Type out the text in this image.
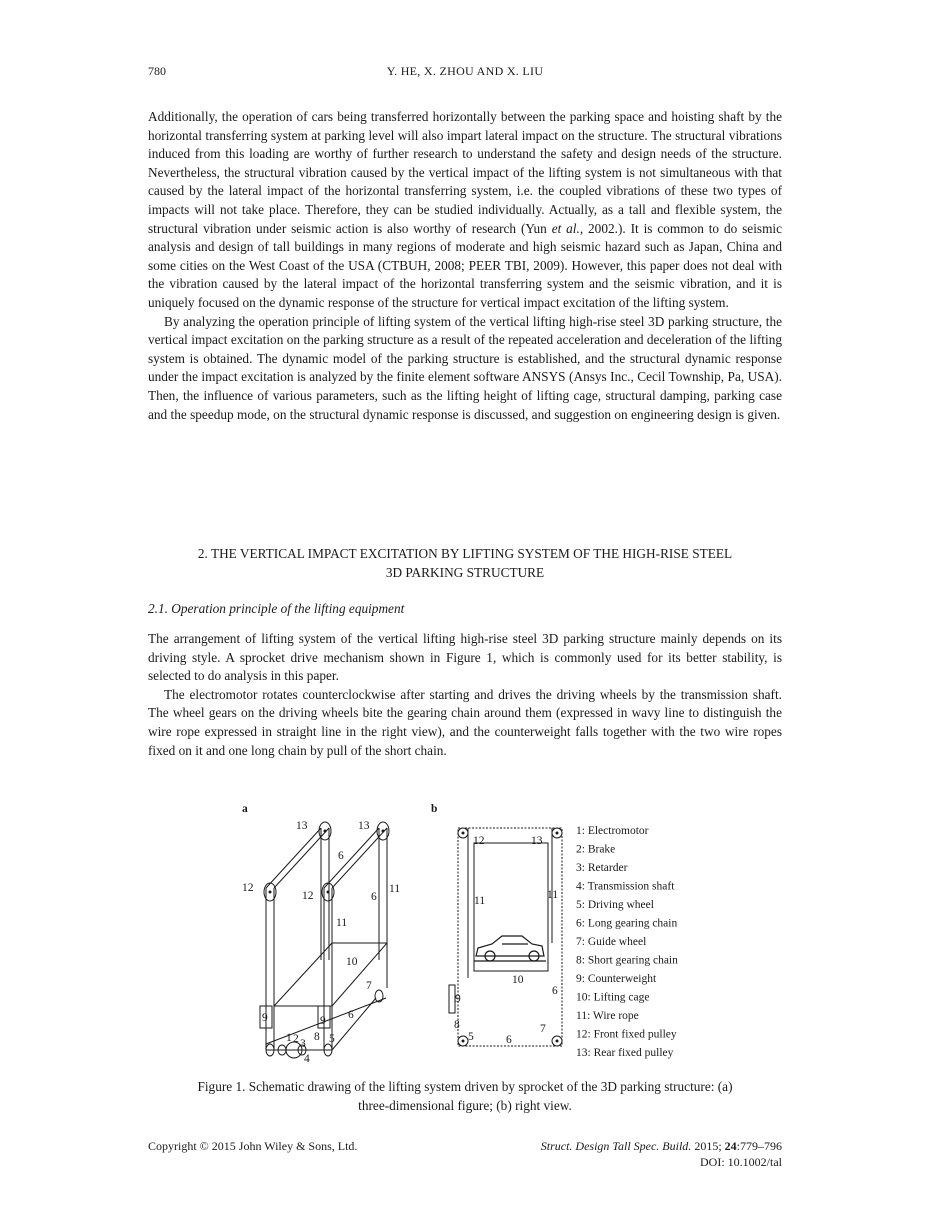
780	Y. HE, X. ZHOU AND X. LIU

Additionally, the operation of cars being transferred horizontally between the parking space and hoisting shaft by the horizontal transferring system at parking level will also impart lateral impact on the structure. The structural vibrations induced from this loading are worthy of further research to understand the safety and design needs of the structure. Nevertheless, the structural vibration caused by the vertical impact of the lifting system is not simultaneous with that caused by the lateral impact of the horizontal transferring system, i.e. the coupled vibrations of these two types of impacts will not take place. Therefore, they can be studied individually. Actually, as a tall and flexible system, the structural vibration under seismic action is also worthy of research (Yun et al., 2002.). It is common to do seismic analysis and design of tall buildings in many regions of moderate and high seismic hazard such as Japan, China and some cities on the West Coast of the USA (CTBUH, 2008; PEER TBI, 2009). However, this paper does not deal with the vibration caused by the lateral impact of the horizontal transferring system and the seismic vibration, and it is uniquely focused on the dynamic response of the structure for vertical impact excitation of the lifting system.

By analyzing the operation principle of lifting system of the vertical lifting high-rise steel 3D parking structure, the vertical impact excitation on the parking structure as a result of the repeated acceleration and deceleration of the lifting system is obtained. The dynamic model of the parking structure is established, and the structural dynamic response under the impact excitation is analyzed by the finite element software ANSYS (Ansys Inc., Cecil Township, Pa, USA). Then, the influence of various parameters, such as the lifting height of lifting cage, structural damping, parking case and the speedup mode, on the structural dynamic response is discussed, and suggestion on engineering design is given.

2. THE VERTICAL IMPACT EXCITATION BY LIFTING SYSTEM OF THE HIGH-RISE STEEL
3D PARKING STRUCTURE
2.1. Operation principle of the lifting equipment

The arrangement of lifting system of the vertical lifting high-rise steel 3D parking structure mainly depends on its driving style. A sprocket drive mechanism shown in Figure 1, which is commonly used for its better stability, is selected to do analysis in this paper.

The electromotor rotates counterclockwise after starting and drives the driving wheels by the transmission shaft. The wheel gears on the driving wheels bite the gearing chain around them (expressed in wavy line to distinguish the wire rope expressed in straight line in the right view), and the counterweight falls together with the two wire ropes fixed on it and one long chain by pull of the short chain.

a	b
13	13
12
12
6
6
6
11
11
10
7
9	9
1 2 3
4
5
8
12	13
11	11
10
6
6
9
8
5
7
1: Electromotor
2: Brake
3: Retarder
4: Transmission shaft
5: Driving wheel
6: Long gearing chain
7: Guide wheel
8: Short gearing chain
9: Counterweight
10: Lifting cage
11: Wire rope
12: Front fixed pulley
13: Rear fixed pulley
Figure 1. Schematic drawing of the lifting system driven by sprocket of the 3D parking structure: (a)
three-dimensional figure; (b) right view.
Copyright © 2015 John Wiley & Sons, Ltd.	Struct. Design Tall Spec. Build. 2015; 24:779–796
DOI: 10.1002/tal
